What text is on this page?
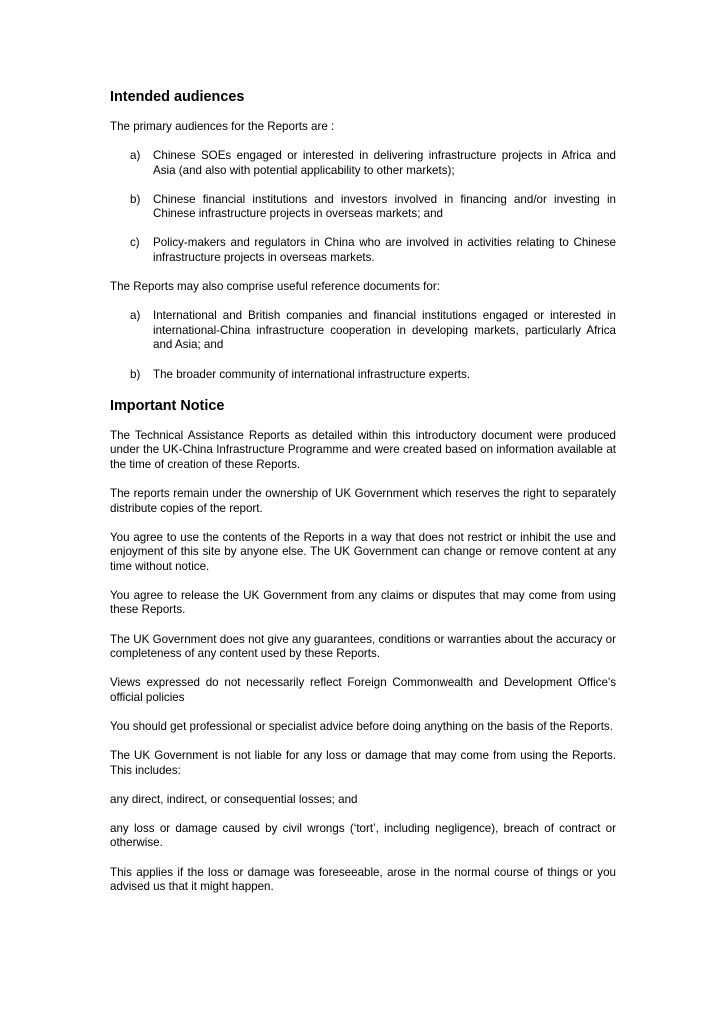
Intended audiences

The primary audiences for the Reports are :

a)	Chinese SOEs engaged or interested in delivering infrastructure projects in Africa and Asia (and also with potential applicability to other markets);
b)	Chinese financial institutions and investors involved in financing and/or investing in Chinese infrastructure projects in overseas markets; and
c)	Policy-makers and regulators in China who are involved in activities relating to Chinese infrastructure projects in overseas markets.

The Reports may also comprise useful reference documents for:

a)	International and British companies and financial institutions engaged or interested in international-China infrastructure cooperation in developing markets, particularly Africa and Asia; and
b)	The broader community of international infrastructure experts.
Important Notice

The Technical Assistance Reports as detailed within this introductory document were produced under the UK-China Infrastructure Programme and were created based on information available at the time of creation of these Reports.

The reports remain under the ownership of UK Government which reserves the right to separately distribute copies of the report.

You agree to use the contents of the Reports in a way that does not restrict or inhibit the use and enjoyment of this site by anyone else. The UK Government can change or remove content at any time without notice.

You agree to release the UK Government from any claims or disputes that may come from using these Reports.

The UK Government does not give any guarantees, conditions or warranties about the accuracy or completeness of any content used by these Reports.

Views expressed do not necessarily reflect Foreign Commonwealth and Development Office's official policies

You should get professional or specialist advice before doing anything on the basis of the Reports.

The UK Government is not liable for any loss or damage that may come from using the Reports. This includes:

any direct, indirect, or consequential losses; and

any loss or damage caused by civil wrongs (‘tort’, including negligence), breach of contract or otherwise.

This applies if the loss or damage was foreseeable, arose in the normal course of things or you advised us that it might happen.
